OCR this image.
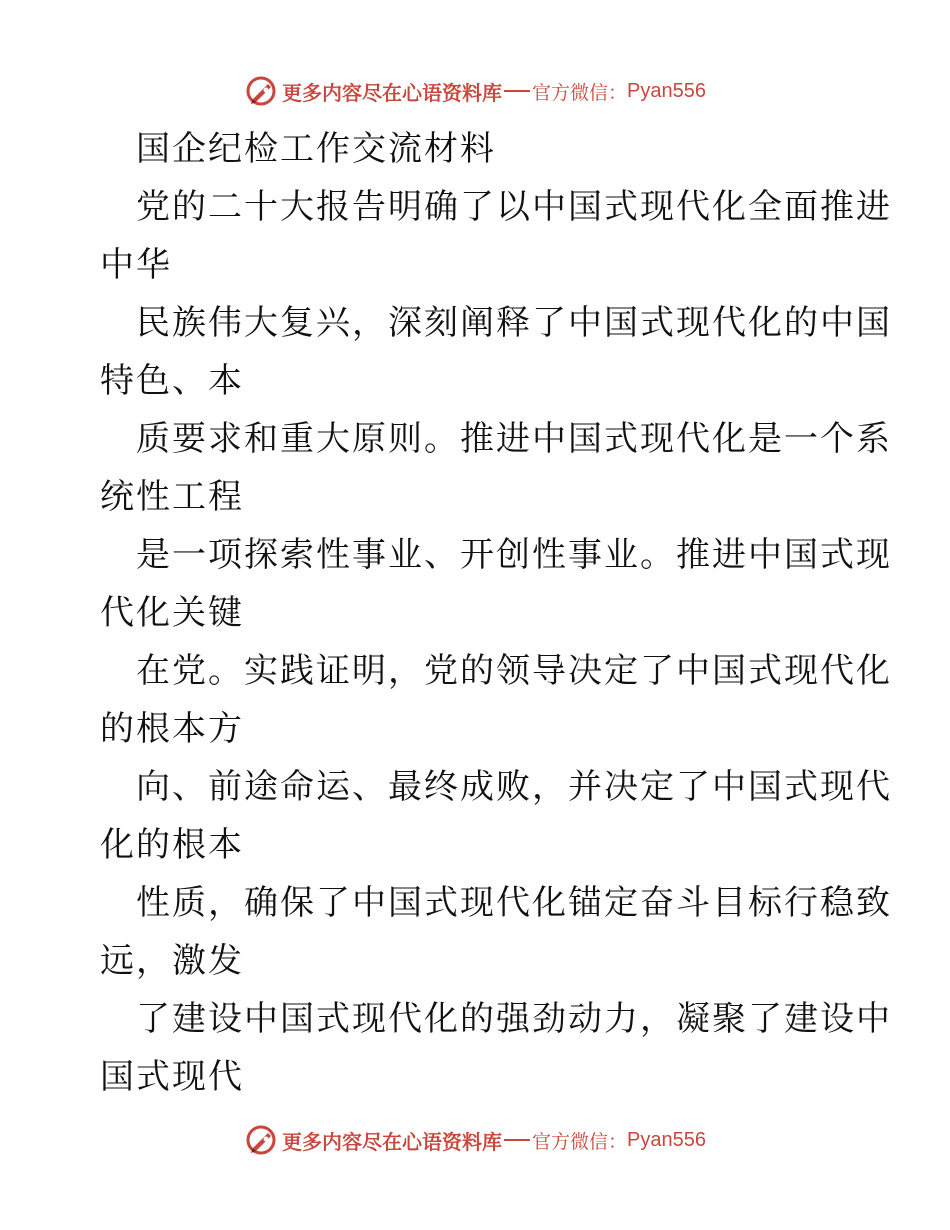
更多内容尽在心语资料库 官方微信： Pyan556
国企纪检工作交流材料
党的二十大报告明确了以中国式现代化全面推进
中华
民族伟大复兴，深刻阐释了中国式现代化的中国
特色、本
质要求和重大原则。推进中国式现代化是一个系
统性工程
是一项探索性事业、开创性事业。推进中国式现
代化关键
在党。实践证明，党的领导决定了中国式现代化
的根本方
向、前途命运、最终成败，并决定了中国式现代
化的根本
性质，确保了中国式现代化锚定奋斗目标行稳致
远，激发
了建设中国式现代化的强劲动力，凝聚了建设中
国式现代
更多内容尽在心语资料库 官方微信： Pyan556
